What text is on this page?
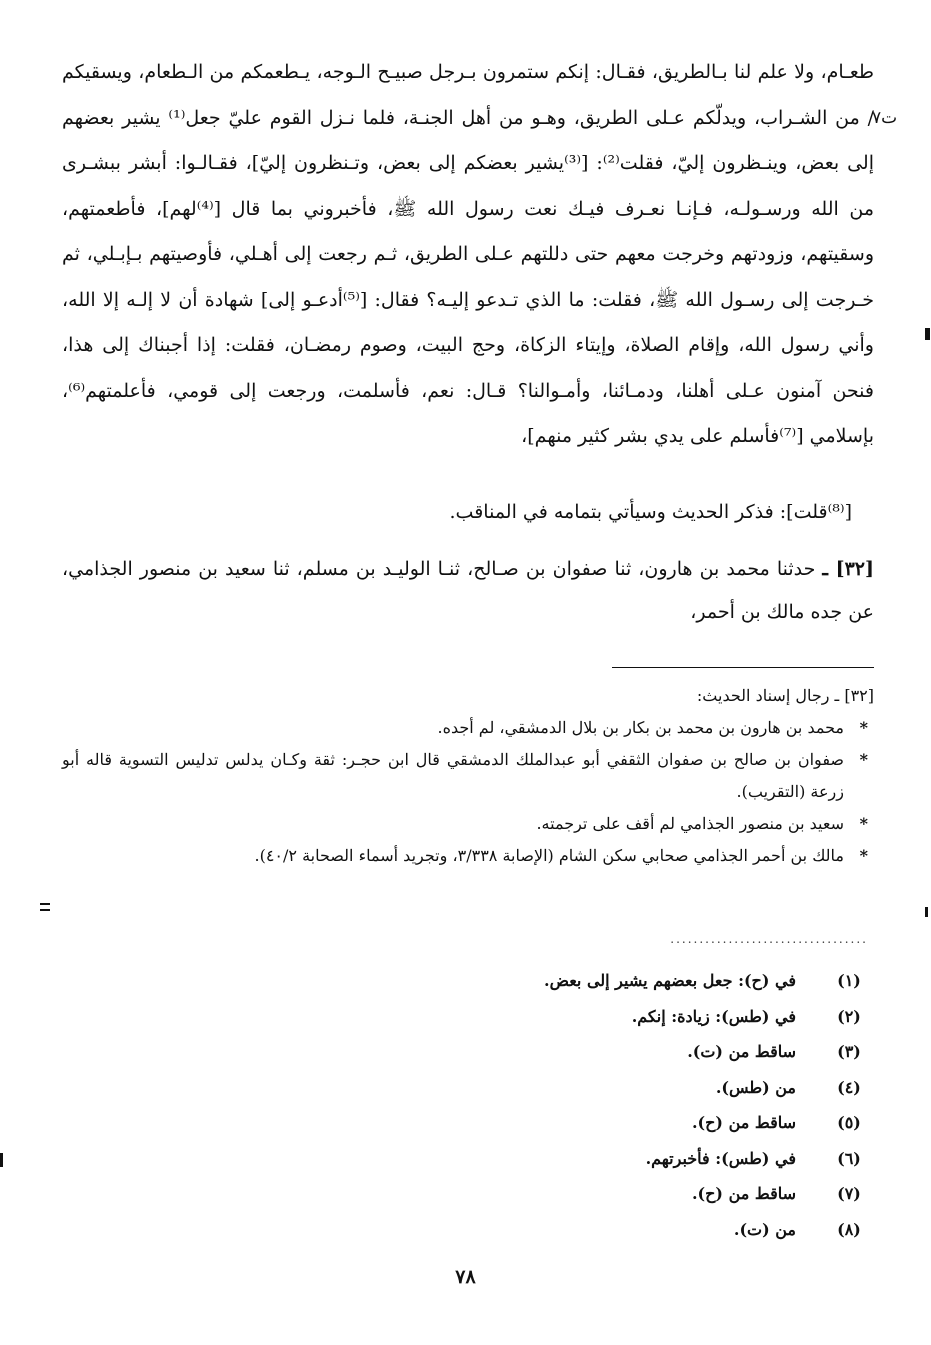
طعـام، ولا علم لنا بـالطريق، فقـال: إنكم ستمرون بـرجل صبيـح الـوجه، يـطعمكم من الـطعام، ويسقيكم / من الشـراب، ويدلّكم عـلى الطريق، وهـو من أهل الجنـة، فلما نـزل القوم عليّ جعل⁽¹⁾ يشير بعضهم إلى بعض، وينـظرون إليّ، فقلت⁽²⁾: [⁽³⁾يشير بعضكم إلى بعض، وتـنظرون إليّ]، فقـالـوا: أبشر ببشـرى من الله ورسـولـه، فـإنـا نعـرف فيـك نعت رسول الله ﷺ، فأخبروني بما قال [⁽⁴⁾لهم]، فأطعمتهم، وسقيتهم، وزودتهم وخرجت معهم حتى دللتهم عـلى الطريق، ثـم رجعت إلى أهـلي، فأوصيتهم بـإبـلي، ثم خـرجت إلى رسـول الله ﷺ، فقلت: ما الذي تـدعو إليـه؟ فقال: [⁽⁵⁾أدعـو إلى] شهادة أن لا إلـه إلا الله، وأني رسول الله، وإقام الصلاة، وإيتاء الزكاة، وحج البيت، وصوم رمضـان، فقلت: إذا أجبناك إلى هذا، فنحن آمنون عـلى أهلنا، ودمـائنا، وأمـوالنا؟ قـال: نعم، فأسلمت، ورجعت إلى قومي، فأعلمتهم⁽⁶⁾، بإسلامي [⁽⁷⁾فأسلم على يدي بشر كثير منهم]،

ت٧
[⁽⁸⁾قلت]: فذكر الحديث وسيأتي بتمامه في المناقب.
[٣٢] ـ حدثنا محمد بن هارون، ثنا صفوان بن صـالح، ثنـا الوليـد بن مسلم، ثنا سعيد بن منصور الجذامي، عن جده مالك بن أحمر،

[٣٢] ـ رجال إسناد الحديث:

*
محمد بن هارون بن محمد بن بكار بن بلال الدمشقي، لم أجده.
*
صفوان بن صالح بن صفوان الثقفي أبو عبدالملك الدمشقي قال ابن حجـر: ثقة وكـان يدلس تدليس التسوية قاله أبو زرعة (التقريب).
*
سعيد بن منصور الجذامي لم أقف على ترجمته.
*
مالك بن أحمر الجذامي صحابي سكن الشام (الإصابة ٣/٣٣٨، وتجريد أسماء الصحابة ٤٠/٢).
..................................
(١)
في (ح): جعل بعضهم يشير إلى بعض.
(٢)
في (طس): زيادة: إنكم.
(٣)
ساقط من (ت).
(٤)
من (طس).
(٥)
ساقط من (ح).
(٦)
في (طس): فأخبرتهم.
(٧)
ساقط من (ح).
(٨)
من (ت).
٧٨
